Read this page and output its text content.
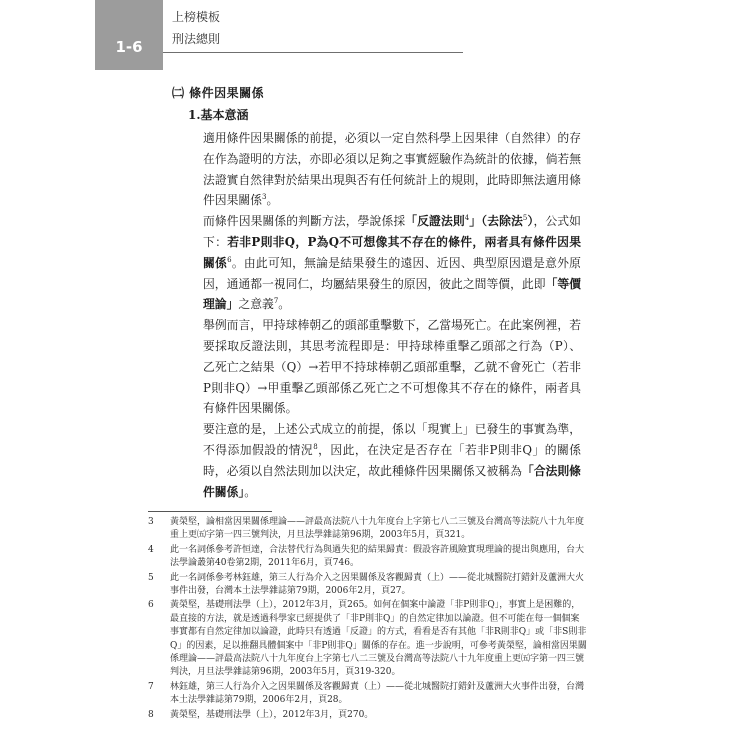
1-6
上榜模板
刑法總則
㈡ 條件因果關係
1.基本意涵

適用條件因果關係的前提，必須以一定自然科學上因果律（自然律）的存在作為證明的方法，亦即必須以足夠之事實經驗作為統計的依據，倘若無法證實自然律對於結果出現與否有任何統計上的規則，此時即無法適用條件因果關係$^3$。

而條件因果關係的判斷方法，學說係採「反證法則$^4$」（去除法$^5$），公式如下：若非P則非Q，P為Q不可想像其不存在的條件，兩者具有條件因果關係$^6$。由此可知，無論是結果發生的遠因、近因、典型原因還是意外原因，通通都一視同仁，均屬結果發生的原因，彼此之間等價，此即「等價理論」之意義$^7$。

舉例而言，甲持球棒朝乙的頭部重擊數下，乙當場死亡。在此案例裡，若要採取反證法則，其思考流程即是：甲持球棒重擊乙頭部之行為（P）、乙死亡之結果（Q）→若甲不持球棒朝乙頭部重擊，乙就不會死亡（若非P則非Q）→甲重擊乙頭部係乙死亡之不可想像其不存在的條件，兩者具有條件因果關係。

要注意的是，上述公式成立的前提，係以「現實上」已發生的事實為準，不得添加假設的情況$^8$，因此，在決定是否存在「若非P則非Q」的關係時，必須以自然法則加以決定，故此種條件因果關係又被稱為「合法則條件關係」。

3	黃榮堅，論相當因果關係理論——評最高法院八十九年度台上字第七八二三號及台灣高等法院八十九年度重上更㈤字第一四三號判決，月旦法學雜誌第96期，2003年5月，頁321。
4	此一名詞係參考許恒達，合法替代行為與過失犯的結果歸責：假設容許風險實現理論的提出與應用，台大法學論叢第40卷第2期，2011年6月，頁746。
5	此一名詞係參考林鈺雄，第三人行為介入之因果關係及客觀歸責（上）——從北城醫院打錯針及蘆洲大火事件出發，台灣本土法學雜誌第79期，2006年2月，頁27。
6	黃榮堅，基礎刑法學（上），2012年3月，頁265。如何在個案中論證「非P則非Q」，事實上是困難的，最直接的方法，就是透過科學家已經提供了「非P則非Q」的自然定律加以論證。但不可能在每一個個案事實都有自然定律加以論證，此時只有透過「反證」的方式，看看是否有其他「非R則非Q」或「非S則非Q」的因素，足以推翻具體個案中「非P則非Q」關係的存在。進一步說明，可參考黃榮堅，論相當因果關係理論——評最高法院八十九年度台上字第七八二三號及台灣高等法院八十九年度重上更㈤字第一四三號判決，月旦法學雜誌第96期，2003年5月，頁319-320。
7	林鈺雄，第三人行為介入之因果關係及客觀歸責（上）——從北城醫院打錯針及蘆洲大火事件出發，台灣本土法學雜誌第79期，2006年2月，頁28。
8	黃榮堅，基礎刑法學（上），2012年3月，頁270。
